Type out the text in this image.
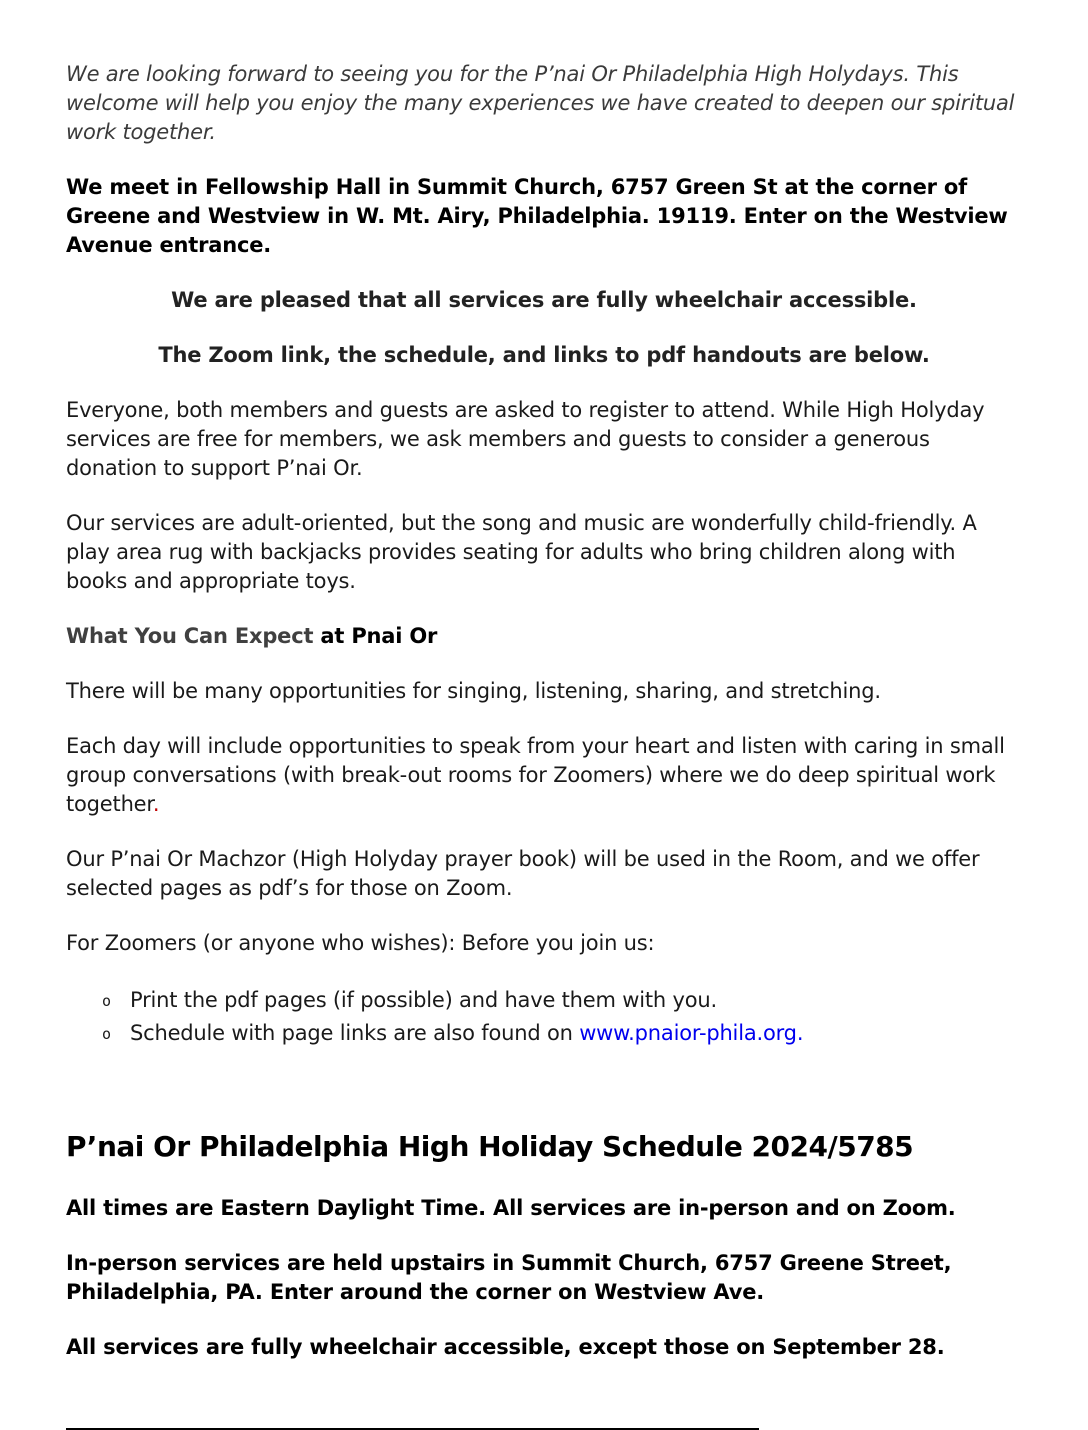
We are looking forward to seeing you for the P’nai Or Philadelphia High Holydays. This welcome will help you enjoy the many experiences we have created to deepen our spiritual work together.

We meet in Fellowship Hall in Summit Church, 6757 Green St at the corner of Greene and Westview in W. Mt. Airy, Philadelphia. 19119. Enter on the Westview Avenue entrance.

We are pleased that all services are fully wheelchair accessible.

The Zoom link, the schedule, and links to pdf handouts are below.

Everyone, both members and guests are asked to register to attend. While High Holyday services are free for members, we ask members and guests to consider a generous donation to support P’nai Or.

Our services are adult-oriented, but the song and music are wonderfully child-friendly. A play area rug with backjacks provides seating for adults who bring children along with books and appropriate toys.

What You Can Expect at Pnai Or

There will be many opportunities for singing, listening, sharing, and stretching.

Each day will include opportunities to speak from your heart and listen with caring in small group conversations (with break-out rooms for Zoomers) where we do deep spiritual work together.

Our P’nai Or Machzor (High Holyday prayer book) will be used in the Room, and we offer selected pages as pdf’s for those on Zoom.

For Zoomers (or anyone who wishes): Before you join us:

o Print the pdf pages (if possible) and have them with you.
o Schedule with page links are also found on www.pnaior-phila.org.
P’nai Or Philadelphia High Holiday Schedule 2024/5785

All times are Eastern Daylight Time. All services are in-person and on Zoom.

In-person services are held upstairs in Summit Church, 6757 Greene Street, Philadelphia, PA. Enter around the corner on Westview Ave.

All services are fully wheelchair accessible, except those on September 28.

__________________________________________________________________
